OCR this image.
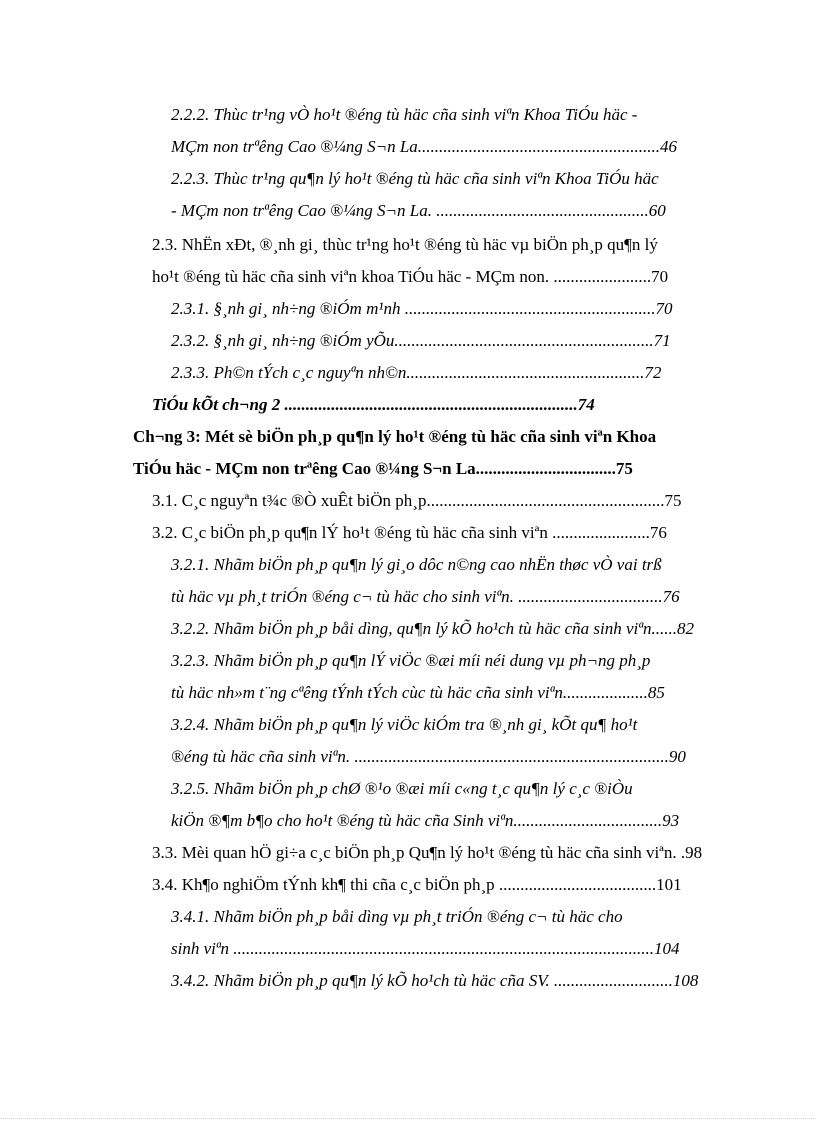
2.2.2. Thùc tr¹ng vÒ ho¹t ®éng tù häc cña sinh viªn Khoa TiÓu häc -
MÇm non trªêng Cao ®¼ng S¬n La.........................................................46
2.2.3. Thùc tr¹ng qu¶n lý ho¹t ®éng tù häc cña sinh viªn Khoa TiÓu häc
- MÇm non trªêng Cao ®¼ng S¬n La. ..................................................60
2.3. NhËn xÐt, ®¸nh gi¸ thùc tr¹ng ho¹t ®éng tù häc vµ biÖn ph¸p qu¶n lý
ho¹t ®éng tù häc cña sinh viªn khoa TiÓu häc - MÇm non. .......................70
2.3.1. §¸nh gi¸ nh÷ng ®iÓm m¹nh ...........................................................70
2.3.2. §¸nh gi¸ nh÷ng ®iÓm yÕu.............................................................71
2.3.3. Ph©n tÝch c¸c nguyªn nh©n........................................................72
TiÓu kÕt ch¬ng 2 .....................................................................74
Ch¬ng 3: Mét sè biÖn ph¸p qu¶n lý ho¹t ®éng tù häc cña sinh viªn Khoa
TiÓu häc - MÇm non trªêng Cao ®¼ng S¬n La.................................75
3.1. C¸c nguyªn t¾c ®Ò xuÊt biÖn ph¸p........................................................75
3.2. C¸c biÖn ph¸p qu¶n lÝ ho¹t ®éng tù häc cña sinh viªn .......................76
3.2.1. Nhãm biÖn ph¸p qu¶n lý gi¸o dôc n©ng cao nhËn thøc vÒ vai trß
tù häc vµ ph¸t triÓn ®éng c¬ tù häc cho sinh viªn. ..................................76
3.2.2. Nhãm biÖn ph¸p båi dìng, qu¶n lý kÕ ho¹ch tù häc cña sinh viªn......82
3.2.3. Nhãm biÖn ph¸p qu¶n lÝ viÖc ®æi míi néi dung vµ ph¬ng ph¸p
tù häc nh»m t¨ng cªêng tÝnh tÝch cùc tù häc cña sinh viªn....................85
3.2.4. Nhãm biÖn ph¸p qu¶n lý viÖc kiÓm tra ®¸nh gi¸ kÕt qu¶ ho¹t
®éng tù häc cña sinh viªn. ..........................................................................90
3.2.5. Nhãm biÖn ph¸p chØ ®¹o ®æi míi c«ng t¸c qu¶n lý c¸c ®iÒu
kiÖn ®¶m b¶o cho ho¹t ®éng tù häc cña Sinh viªn...................................93
3.3. Mèi quan hÖ gi÷a c¸c biÖn ph¸p Qu¶n lý ho¹t ®éng tù häc cña sinh viªn. .98
3.4. Kh¶o nghiÖm tÝnh kh¶ thi cña c¸c biÖn ph¸p .....................................101
3.4.1. Nhãm biÖn ph¸p båi dìng vµ ph¸t triÓn ®éng c¬ tù häc cho
sinh viªn ...................................................................................................104
3.4.2. Nhãm biÖn ph¸p qu¶n lý kÕ ho¹ch tù häc cña SV. ............................108
